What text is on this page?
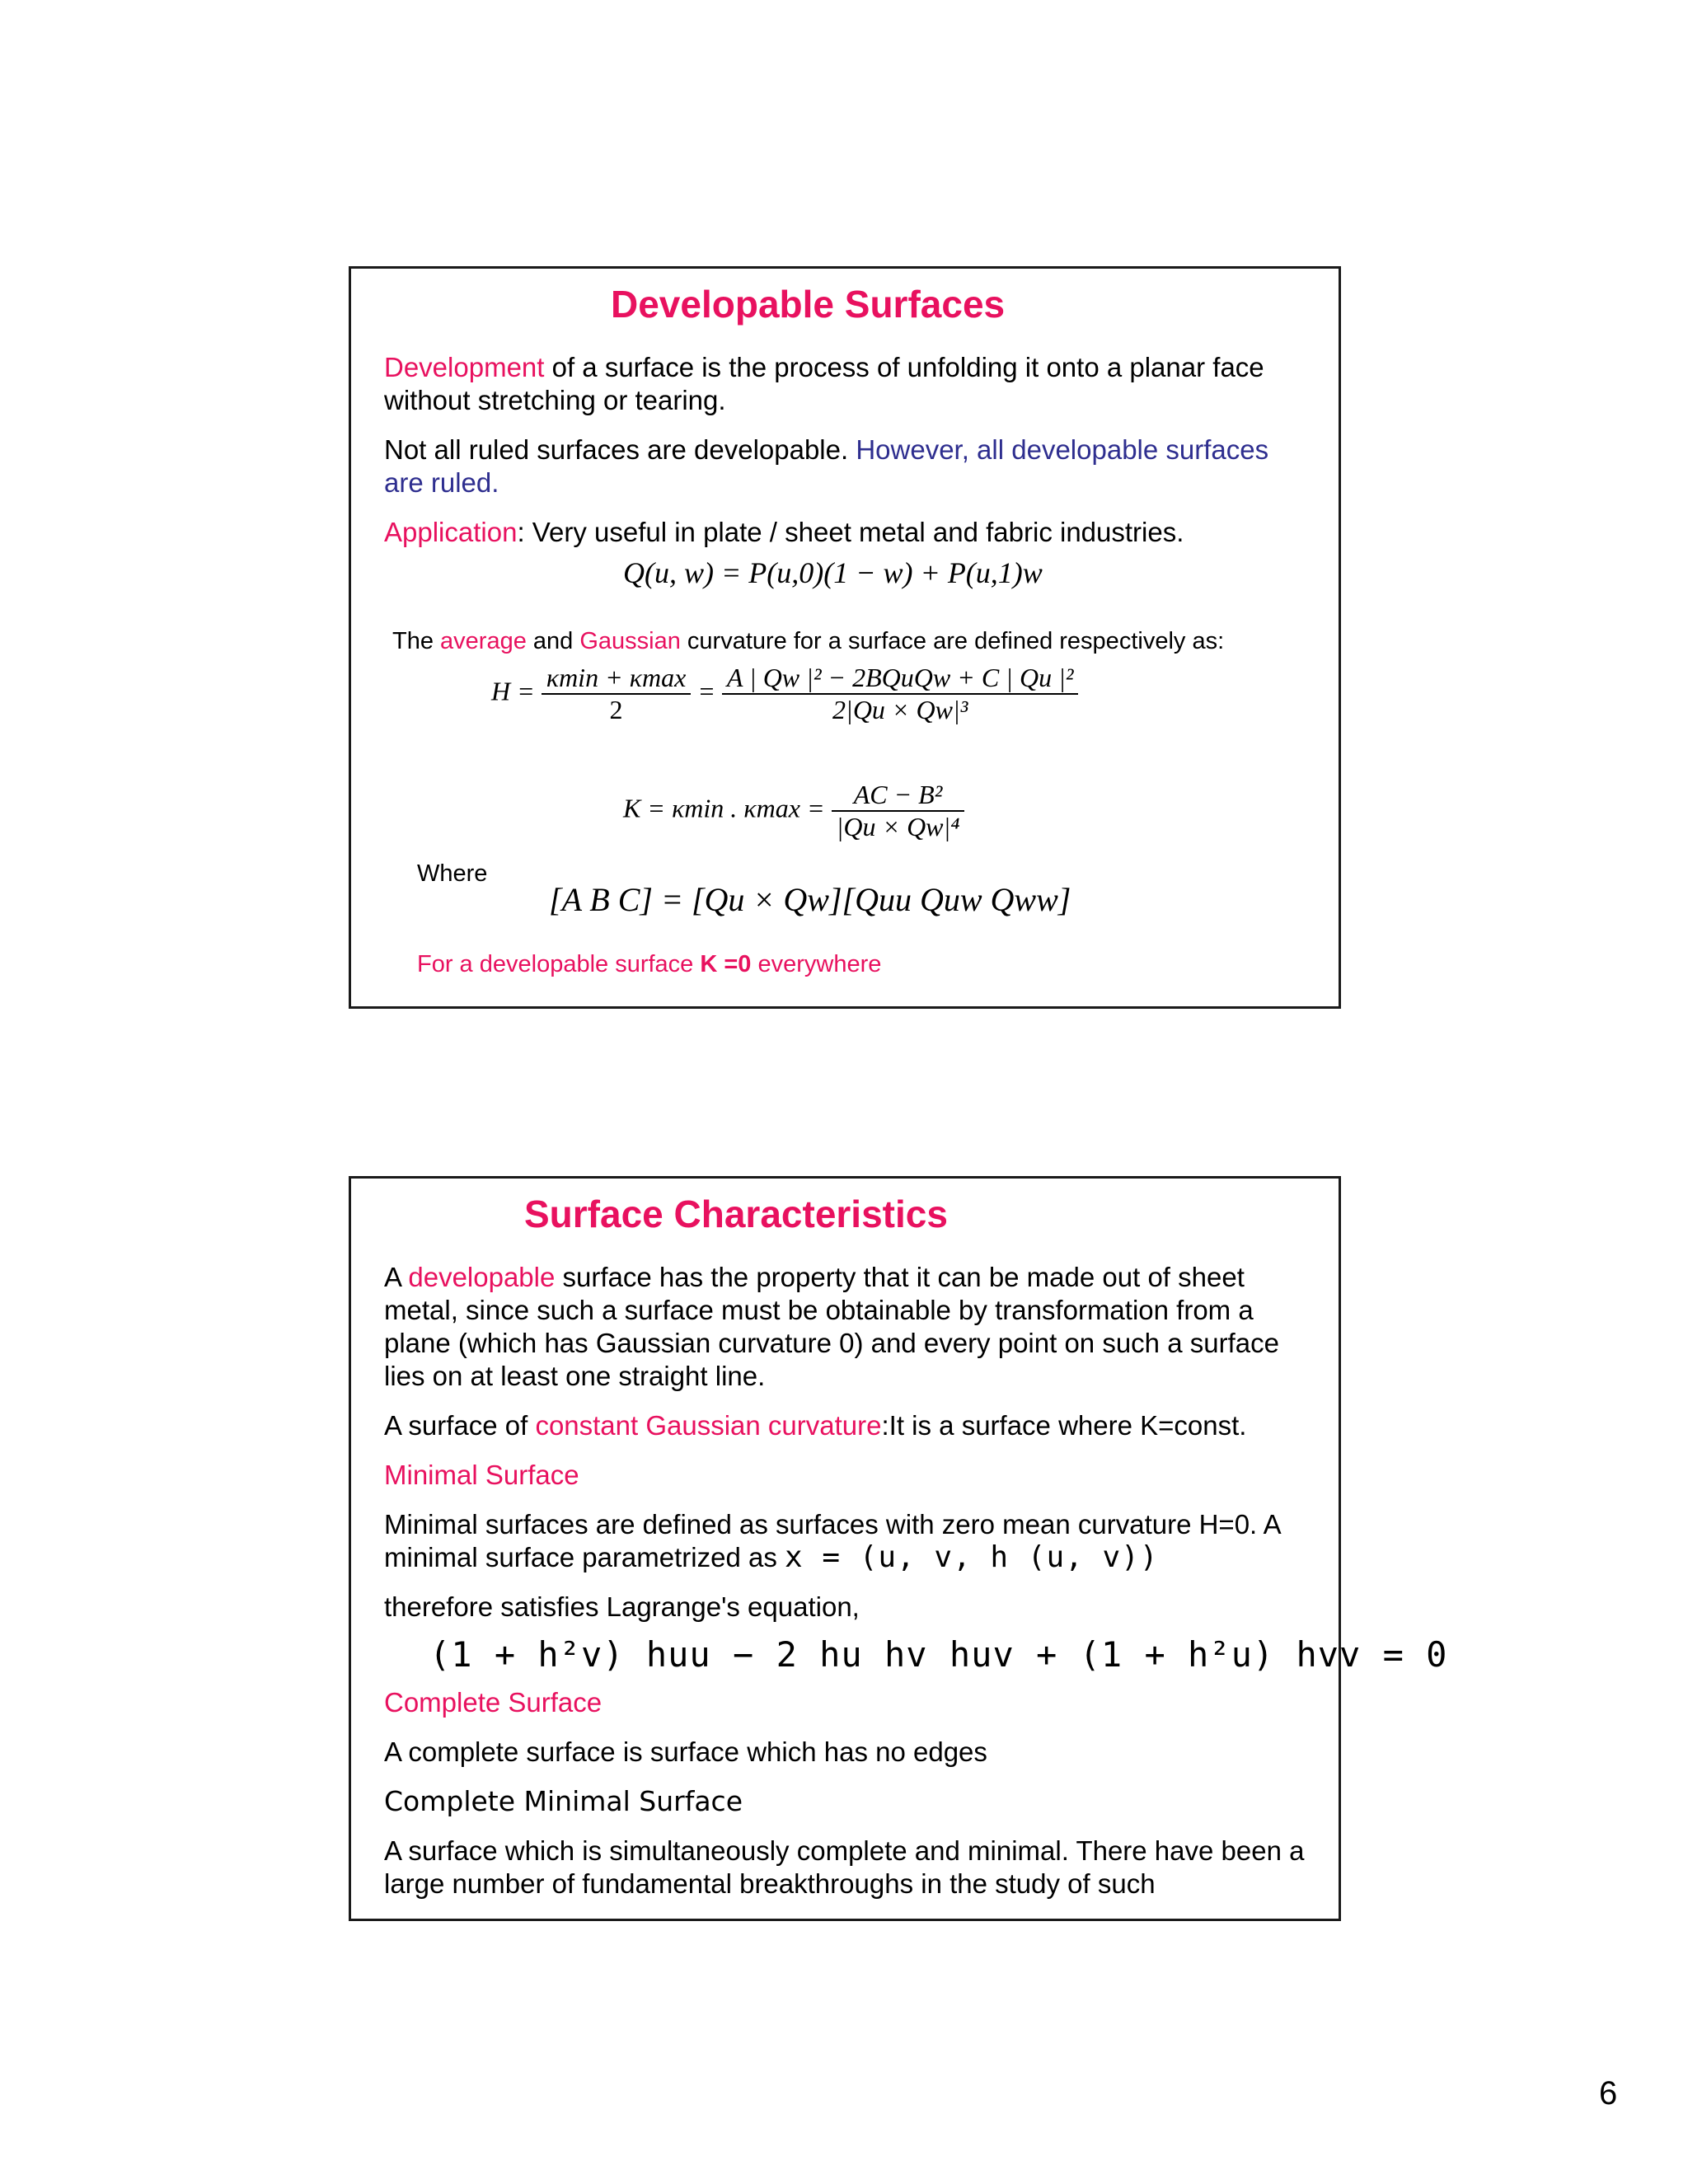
Developable Surfaces
Development of a surface is the process of unfolding it onto a planar face without stretching or tearing.
Not all ruled surfaces are developable. However, all developable surfaces are ruled.
Application: Very useful in plate / sheet metal and fabric industries.
Q(u, w) = P(u,0)(1 − w) + P(u,1)w
The average and Gaussian curvature for a surface are defined respectively as:
$H = \frac{\kappa\min + \kappa\max}{2} = \frac{\text{A | Qw |² − 2BQuQw + C | Qu |²}}{\text{2|Qu × Qw|³}}$
K = κmin . $\kappa\max = \frac{\text{AC − B²}}{\text{|Qu × Qw|⁴}}$
Where
[A B C] = [Qu × Qw][Quu Quw Qww]
For a developable surface K =0 everywhere
Surface Characteristics
A developable surface has the property that it can be made out of sheet metal, since such a surface must be obtainable by transformation from a plane (which has Gaussian curvature 0) and every point on such a surface lies on at least one straight line.
A surface of constant Gaussian curvature:It is a surface where K=const.
Minimal Surface
Minimal surfaces are defined as surfaces with zero mean curvature H=0. A minimal surface parametrized as x = (u, v, h (u, v))
therefore satisfies Lagrange's equation,
(1 + h²v) huu − 2 hu hv huv + (1 + h²u) hvv = 0
Complete Surface
A complete surface is surface which has no edges
Complete Minimal Surface
A surface which is simultaneously complete and minimal. There have been a large number of fundamental breakthroughs in the study of such
6
